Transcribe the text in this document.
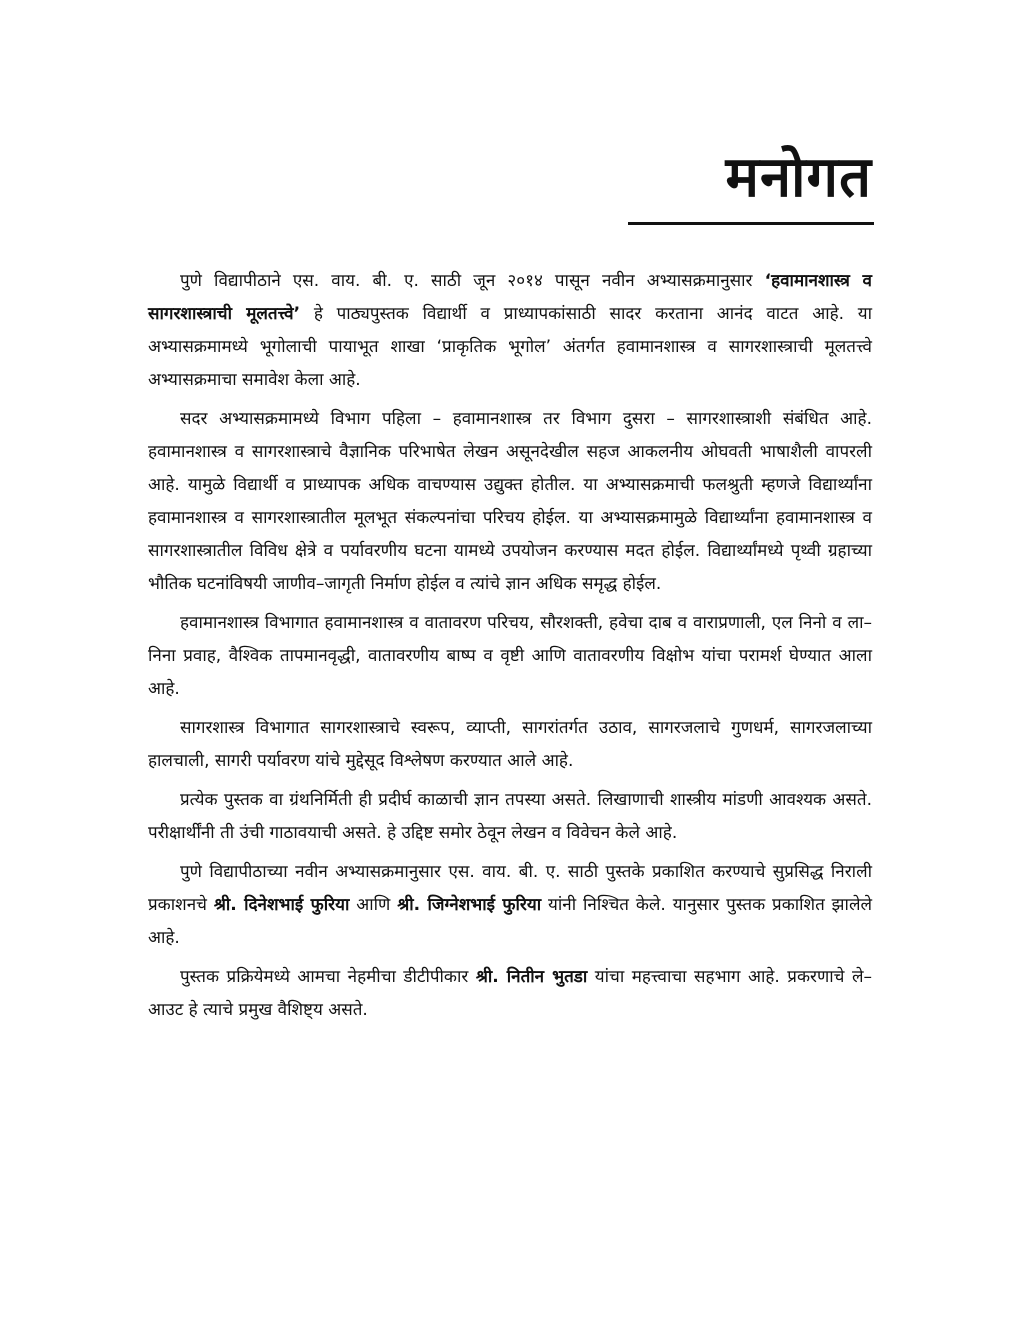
मनोगत

पुणे विद्यापीठाने एस. वाय. बी. ए. साठी जून २०१४ पासून नवीन अभ्यासक्रमानुसार ‘हवामानशास्त्र व सागरशास्त्राची मूलतत्त्वे’ हे पाठ्यपुस्तक विद्यार्थी व प्राध्यापकांसाठी सादर करताना आनंद वाटत आहे. या अभ्यासक्रमामध्ये भूगोलाची पायाभूत शाखा ‘प्राकृतिक भूगोल’ अंतर्गत हवामानशास्त्र व सागरशास्त्राची मूलतत्त्वे अभ्यासक्रमाचा समावेश केला आहे.

सदर अभ्यासक्रमामध्ये विभाग पहिला – हवामानशास्त्र तर विभाग दुसरा – सागरशास्त्राशी संबंधित आहे. हवामानशास्त्र व सागरशास्त्राचे वैज्ञानिक परिभाषेत लेखन असूनदेखील सहज आकलनीय ओघवती भाषाशैली वापरली आहे. यामुळे विद्यार्थी व प्राध्यापक अधिक वाचण्यास उद्युक्त होतील. या अभ्यासक्रमाची फलश्रुती म्हणजे विद्यार्थ्यांना हवामानशास्त्र व सागरशास्त्रातील मूलभूत संकल्पनांचा परिचय होईल. या अभ्यासक्रमामुळे विद्यार्थ्यांना हवामानशास्त्र व सागरशास्त्रातील विविध क्षेत्रे व पर्यावरणीय घटना यामध्ये उपयोजन करण्यास मदत होईल. विद्यार्थ्यांमध्ये पृथ्वी ग्रहाच्या भौतिक घटनांविषयी जाणीव–जागृती निर्माण होईल व त्यांचे ज्ञान अधिक समृद्ध होईल.

हवामानशास्त्र विभागात हवामानशास्त्र व वातावरण परिचय, सौरशक्ती, हवेचा दाब व वाराप्रणाली, एल निनो व ला–निना प्रवाह, वैश्विक तापमानवृद्धी, वातावरणीय बाष्प व वृष्टी आणि वातावरणीय विक्षोभ यांचा परामर्श घेण्यात आला आहे.

सागरशास्त्र विभागात सागरशास्त्राचे स्वरूप, व्याप्ती, सागरांतर्गत उठाव, सागरजलाचे गुणधर्म, सागरजलाच्या हालचाली, सागरी पर्यावरण यांचे मुद्देसूद विश्लेषण करण्यात आले आहे.

प्रत्येक पुस्तक वा ग्रंथनिर्मिती ही प्रदीर्घ काळाची ज्ञान तपस्या असते. लिखाणाची शास्त्रीय मांडणी आवश्यक असते. परीक्षार्थींनी ती उंची गाठावयाची असते. हे उद्दिष्ट समोर ठेवून लेखन व विवेचन केले आहे.

पुणे विद्यापीठाच्या नवीन अभ्यासक्रमानुसार एस. वाय. बी. ए. साठी पुस्तके प्रकाशित करण्याचे सुप्रसिद्ध निराली प्रकाशनचे श्री. दिनेशभाई फुरिया आणि श्री. जिग्नेशभाई फुरिया यांनी निश्चित केले. यानुसार पुस्तक प्रकाशित झालेले आहे.

पुस्तक प्रक्रियेमध्ये आमचा नेहमीचा डीटीपीकार श्री. नितीन भुतडा यांचा महत्त्वाचा सहभाग आहे. प्रकरणाचे ले–आउट हे त्याचे प्रमुख वैशिष्ट्य असते.
